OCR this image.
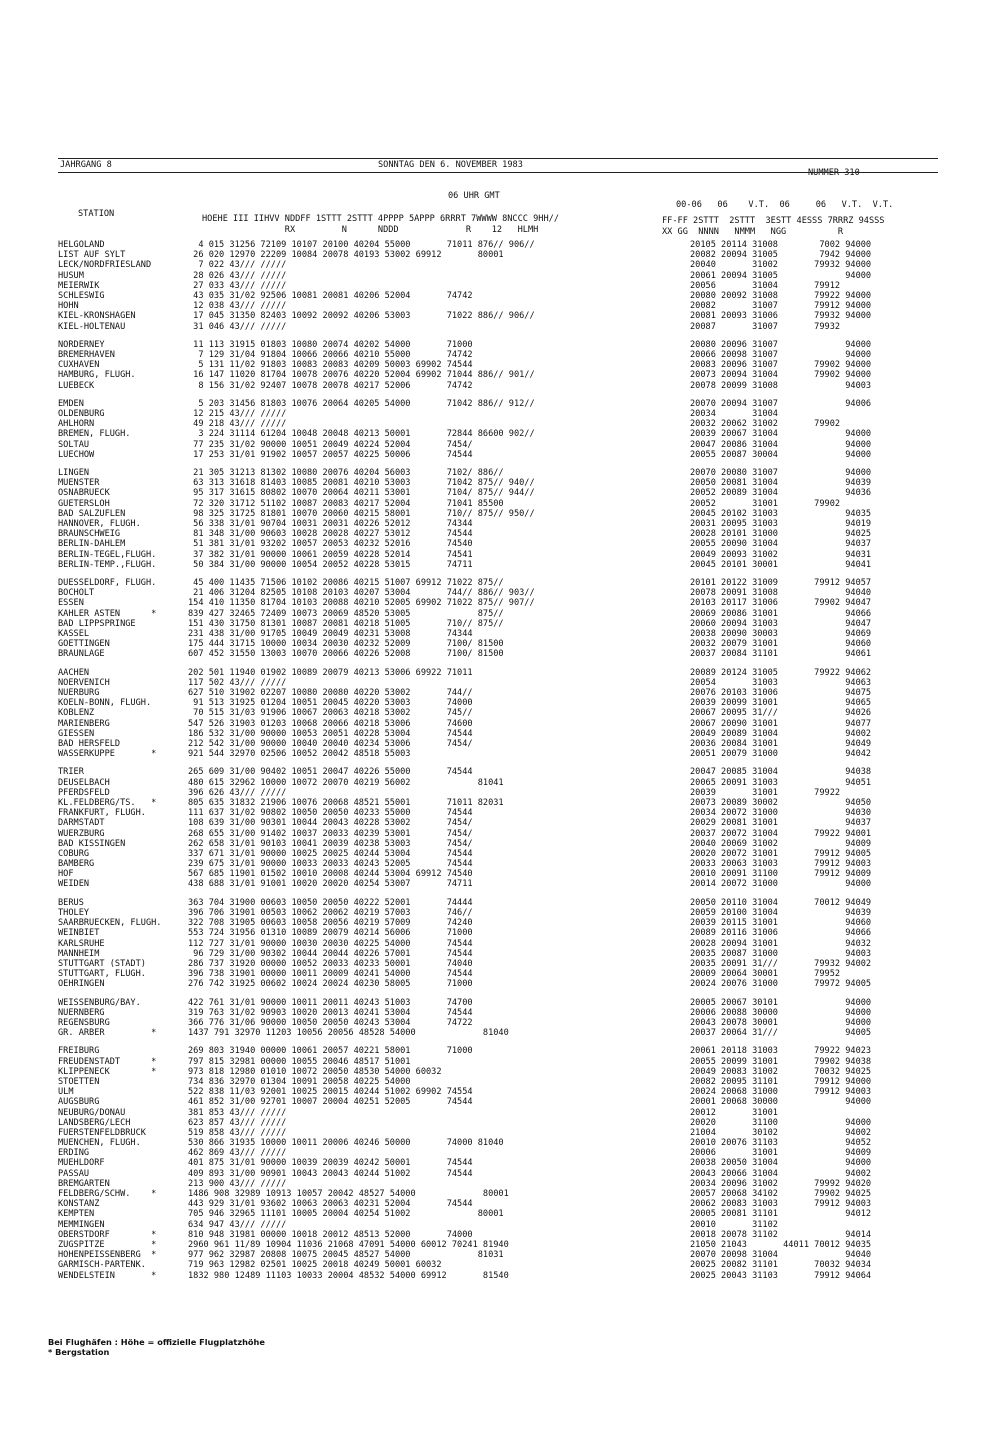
JAHRGANG 8	SONNTAG DEN 6. NOVEMBER 1983
NUMMER 310
06 UHR GMT
STATION	HOEHE III IIHVV NDDFF 1STTT 2STTT 4PPPP 5APPP 6RRRT 7WWWW 8NCCC 9HH//
RX         N      NDDD             R    12   HLMH
00-06   06    V.T.  06     06   V.T.  V.T.
FF-FF 2STTT  2STTT  3ESTT 4ESSS 7RRRZ 94SSS
XX GG  NNNN   NMMM   NGG          R
HELGOLAND	4 015 31256 72109 10107 20100 40204 55000       71011 876// 906//	20105 20114 31008        7002 94000
LIST AUF SYLT	26 020 12970 22209 10084 20078 40193 53002 69912       80001	20082 20094 31005        7942 94000
LECK/NORDFRIESLAND	7 022 43/// /////	20040       31002       79932 94000
HUSUM	28 026 43/// /////	20061 20094 31005             94000
MEIERWIK	27 033 43/// /////	20056       31004       79912
SCHLESWIG	43 035 31/02 92506 10081 20081 40206 52004       74742	20080 20092 31008       79922 94000
HOHN	12 038 43/// /////	20082       31007       79912 94000
KIEL-KRONSHAGEN	17 045 31350 82403 10092 20092 40206 53003       71022 886// 906//	20081 20093 31006       79932 94000
KIEL-HOLTENAU	31 046 43/// /////	20087       31007       79932
NORDERNEY	11 113 31915 01803 10080 20074 40202 54000       71000	20080 20096 31007             94000
BREMERHAVEN	7 129 31/04 91804 10066 20066 40210 55000       74742	20066 20098 31007             94000
CUXHAVEN	5 131 11/02 91803 10083 20083 40209 50003 69902 74544	20083 20096 31007       79902 94000
HAMBURG, FLUGH.	16 147 11020 81704 10078 20076 40220 52004 69902 71044 886// 901//	20073 20094 31004       79902 94000
LUEBECK	8 156 31/02 92407 10078 20078 40217 52006       74742	20078 20099 31008             94003
EMDEN	5 203 31456 81803 10076 20064 40205 54000       71042 886// 912//	20070 20094 31007             94006
OLDENBURG	12 215 43/// /////	20034       31004
AHLHORN	49 218 43/// /////	20032 20062 31002       79902
BREMEN, FLUGH.	3 224 31114 61204 10048 20048 40213 50001       72844 86600 902//	20039 20067 31004             94000
SOLTAU	77 235 31/02 90000 10051 20049 40224 52004       7454/	20047 20086 31004             94000
LUECHOW	17 253 31/01 91902 10057 20057 40225 50006       74544	20055 20087 30004             94000
LINGEN	21 305 31213 81302 10080 20076 40204 56003       7102/ 886//	20070 20080 31007             94000
MUENSTER	63 313 31618 81403 10085 20081 40210 53003       71042 875// 940//	20050 20081 31004             94039
OSNABRUECK	95 317 31615 80802 10070 20064 40211 53001       7104/ 875// 944//	20052 20089 31004             94036
GUETERSLOH	72 320 31712 51102 10087 20083 40217 52004       71041 85500	20052       31001       79902
BAD SALZUFLEN	98 325 31725 81801 10070 20060 40215 58001       710// 875// 950//	20045 20102 31003             94035
HANNOVER, FLUGH.	56 338 31/01 90704 10031 20031 40226 52012       74344	20031 20095 31003             94019
BRAUNSCHWEIG	81 348 31/00 90603 10028 20028 40227 53012       74544	20028 20101 31000             94025
BERLIN-DAHLEM	51 381 31/01 93202 10057 20053 40232 52016       74540	20055 20090 31004             94037
BERLIN-TEGEL,FLUGH.	37 382 31/01 90000 10061 20059 40228 52014       74541	20049 20093 31002             94031
BERLIN-TEMP.,FLUGH.	50 384 31/00 90000 10054 20052 40228 53015       74711	20045 20101 30001             94041
DUESSELDORF, FLUGH.	45 400 11435 71506 10102 20086 40215 51007 69912 71022 875//	20101 20122 31009       79912 94057
BOCHOLT	21 406 31204 82505 10108 20103 40207 53004       744// 886// 903//	20078 20091 31008             94040
ESSEN	154 410 11350 81704 10103 20088 40210 52005 69902 71022 875// 907//	20103 20117 31006       79902 94047
KAHLER ASTEN      *	839 427 32465 72409 10073 20069 48520 53005             875//	20069 20086 31001             94066
BAD LIPPSPRINGE	151 430 31750 81301 10087 20081 40218 51005       710// 875//	20060 20094 31003             94047
KASSEL	231 438 31/00 91705 10049 20049 40231 53008       74344	20038 20090 30003             94069
GOETTINGEN	175 444 31715 10000 10034 20030 40232 52009       7100/ 81500	20032 20079 31001             94060
BRAUNLAGE	607 452 31550 13003 10070 20066 40226 52008       7100/ 81500	20037 20084 31101             94061
AACHEN	202 501 11940 01902 10089 20079 40213 53006 69922 71011	20089 20124 31005       79922 94062
NOERVENICH	117 502 43/// /////	20054       31003             94063
NUERBURG	627 510 31902 02207 10080 20080 40220 53002       744//	20076 20103 31006             94075
KOELN-BONN, FLUGH.	91 513 31925 01204 10051 20045 40220 53003       74000	20039 20099 31001             94065
KOBLENZ	70 515 31/03 91906 10067 20063 40218 53002       745//	20067 20095 31///             94026
MARIENBERG	547 526 31903 01203 10068 20066 40218 53006       74600	20067 20090 31001             94077
GIESSEN	186 532 31/00 90000 10053 20051 40228 53004       74544	20049 20089 31004             94002
BAD HERSFELD	212 542 31/00 90000 10040 20040 40234 53006       7454/	20036 20084 31001             94049
WASSERKUPPE       *	921 544 32970 02506 10052 20042 48518 55003	20051 20079 31000             94042
TRIER	265 609 31/00 90402 10051 20047 40226 55000       74544	20047 20085 31004             94038
DEUSELBACH	480 615 32962 10000 10072 20070 40219 56002             81041	20065 20091 31003             94051
PFERDSFELD	396 626 43/// /////	20039       31001       79922
KL.FELDBERG/TS.   *	805 635 31832 21906 10076 20068 48521 55001       71011 82031	20073 20089 30002             94050
FRANKFURT, FLUGH.	111 637 31/02 90802 10050 20050 40233 55000       74544	20034 20072 31000             94030
DARMSTADT	108 639 31/00 90301 10044 20043 40228 53002       7454/	20029 20081 31001             94037
WUERZBURG	268 655 31/00 91402 10037 20033 40239 53001       7454/	20037 20072 31004       79922 94001
BAD KISSINGEN	262 658 31/01 90103 10041 20039 40238 53003       7454/	20040 20069 31002             94009
COBURG	337 671 31/01 90000 10025 20025 40244 53004       74544	20020 20072 31001       79912 94005
BAMBERG	239 675 31/01 90000 10033 20033 40243 52005       74544	20033 20063 31003       79912 94003
HOF	567 685 11901 01502 10010 20008 40244 53004 69912 74540	20010 20091 31100       79912 94009
WEIDEN	438 688 31/01 91001 10020 20020 40254 53007       74711	20014 20072 31000             94000
BERUS	363 704 31900 00603 10050 20050 40222 52001       74444	20050 20110 31004       70012 94049
THOLEY	396 706 31901 00503 10062 20062 40219 57003       746//	20059 20100 31004             94039
SAARBRUECKEN, FLUGH.	322 708 31905 00603 10058 20056 40219 57009       74240	20039 20115 31001             94060
WEINBIET	553 724 31956 01310 10089 20079 40214 56006       71000	20089 20116 31006             94066
KARLSRUHE	112 727 31/01 90000 10030 20030 40225 54000       74544	20028 20094 31001             94032
MANNHEIM	96 729 31/00 90302 10044 20044 40226 57001       74544	20035 20087 31000             94003
STUTTGART (STADT)	286 737 31920 00000 10052 20033 40233 50001       74040	20035 20091 31///       79932 94002
STUTTGART, FLUGH.	396 738 31901 00000 10011 20009 40241 54000       74544	20009 20064 30001       79952
OEHRINGEN	276 742 31925 00602 10024 20024 40230 58005       71000	20024 20076 31000       79972 94005
WEISSENBURG/BAY.	422 761 31/01 90000 10011 20011 40243 51003       74700	20005 20067 30101             94000
NUERNBERG	319 763 31/02 90903 10020 20013 40241 53004       74544	20006 20088 30000             94000
REGENSBURG	366 776 31/06 90000 10050 20050 40243 53004       74722	20043 20078 30001             94000
GR. ARBER         *	1437 791 32970 11203 10056 20056 48528 54000             81040	20037 20064 31///             94005
FREIBURG	269 803 31940 00000 10061 20057 40221 58001       71000	20061 20118 31003       79922 94023
FREUDENSTADT      *	797 815 32981 00000 10055 20046 48517 51001	20055 20099 31001       79902 94038
KLIPPENECK        *	973 818 12980 01010 10072 20050 48530 54000 60032	20049 20083 31002       70032 94025
STOETTEN	734 836 32970 01304 10091 20058 40225 54000	20082 20095 31101       79912 94000
ULM	522 838 11/03 92001 10025 20015 40244 51002 69902 74554	20024 20068 31000       79912 94003
AUGSBURG	461 852 31/00 92701 10007 20004 40251 52005       74544	20001 20068 30000             94000
NEUBURG/DONAU	381 853 43/// /////	20012       31001
LANDSBERG/LECH	623 857 43/// /////	20020       31100             94000
FUERSTENFELDBRUCK	519 858 43/// /////	21004       30102             94002
MUENCHEN, FLUGH.	530 866 31935 10000 10011 20006 40246 50000       74000 81040	20010 20076 31103             94052
ERDING	462 869 43/// /////	20006       31001             94009
MUEHLDORF	401 875 31/01 90000 10039 20039 40242 50001       74544	20038 20050 31004             94000
PASSAU	409 893 31/00 90901 10043 20043 40244 51002       74544	20043 20066 31004             94002
BREMGARTEN	213 900 43/// /////	20034 20096 31002       79992 94020
FELDBERG/SCHW.    *	1486 908 32989 10913 10057 20042 48527 54000             80001	20057 20068 34102       79902 94025
KONSTANZ	443 929 31/01 93602 10063 20063 40231 52004       74544	20062 20083 31003       79912 94003
KEMPTEN	705 946 32965 11101 10005 20004 40254 51002             80001	20005 20081 31101             94012
MEMMINGEN	634 947 43/// /////	20010       31102
OBERSTDORF        *	810 948 31981 00000 10018 20012 48513 52000       74000	20018 20078 31102             94014
ZUGSPITZE         *	2960 961 11/89 10904 11036 21068 47091 54000 60012 70241 81940	21050 21043       44011 70012 94035
HOHENPEISSENBERG  *	977 962 32987 20808 10075 20045 48527 54000             81031	20070 20098 31004             94040
GARMISCH-PARTENK.	719 963 12982 02501 10025 20018 40249 50001 60032	20025 20082 31101       70032 94034
WENDELSTEIN       *	1832 980 12489 11103 10033 20004 48532 54000 69912       81540	20025 20043 31103       79912 94064
Bei Flughäfen : Höhe = offizielle Flugplatzhöhe
* Bergstation
